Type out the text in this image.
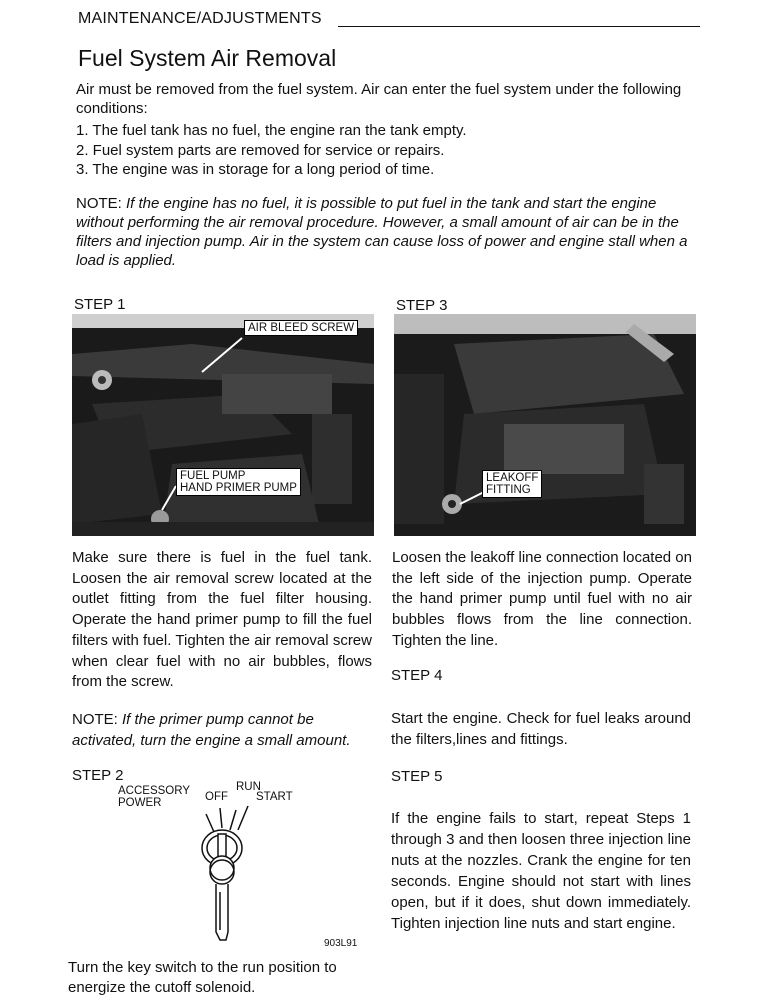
MAINTENANCE/ADJUSTMENTS
Fuel System Air Removal

Air must be removed from the fuel system. Air can enter the fuel system under the following conditions:

1. The fuel tank has no fuel, the engine ran the tank empty.
2. Fuel system parts are removed for service or repairs.
3. The engine was in storage for a long period of time.

NOTE: If the engine has no fuel, it is possible to put fuel in the tank and start the engine without performing the air removal procedure. However, a small amount of air can be in the filters and injection pump. Air in the system can cause loss of power and engine stall when a load is applied.

STEP 1
AIR BLEED SCREW
FUEL PUMP
HAND PRIMER PUMP

Make sure there is fuel in the fuel tank. Loosen the air removal screw located at the outlet fitting from the fuel filter housing. Operate the hand primer pump to fill the fuel filters with fuel. Tighten the air removal screw when clear fuel with no air bubbles, flows from the screw.

NOTE: If the primer pump cannot be activated, turn the engine a small amount.

STEP 2
ACCESSORY
POWER	OFF
RUN
START
903L91

Turn the key switch to the run position to energize the cutoff solenoid.

STEP 3
LEAKOFF
FITTING

Loosen the leakoff line connection located on the left side of the injection pump. Operate the hand primer pump until fuel with no air bubbles flows from the line connection. Tighten the line.

STEP 4

Start the engine. Check for fuel leaks around the filters,lines and fittings.

STEP 5

If the engine fails to start, repeat Steps 1 through 3 and then loosen three injection line nuts at the nozzles. Crank the engine for ten seconds. Engine should not start with lines open, but if it does, shut down immediately. Tighten injection line nuts and start engine.
